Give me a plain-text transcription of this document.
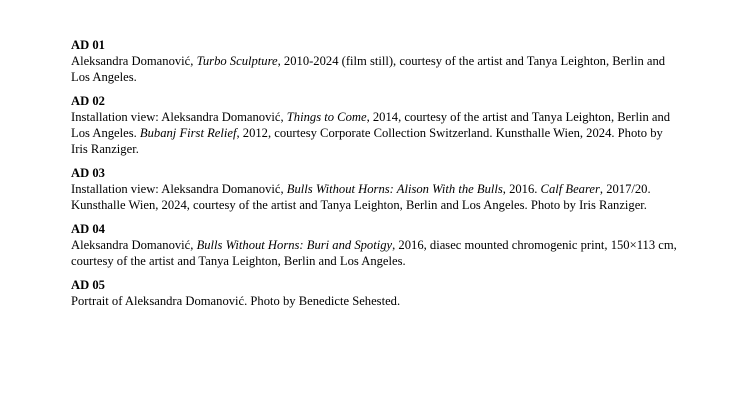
AD 01

Aleksandra Domanović, Turbo Sculpture, 2010-2024 (film still), courtesy of the artist and Tanya Leighton, Berlin and Los Angeles.

AD 02

Installation view: Aleksandra Domanović, Things to Come, 2014, courtesy of the artist and Tanya Leighton, Berlin and Los Angeles. Bubanj First Relief, 2012, courtesy Corporate Collection Switzerland. Kunsthalle Wien, 2024. Photo by Iris Ranziger.

AD 03

Installation view: Aleksandra Domanović, Bulls Without Horns: Alison With the Bulls, 2016. Calf Bearer, 2017/20. Kunsthalle Wien, 2024, courtesy of the artist and Tanya Leighton, Berlin and Los Angeles. Photo by Iris Ranziger.

AD 04

Aleksandra Domanović, Bulls Without Horns: Buri and Spotigy, 2016, diasec mounted chromogenic print, 150×113 cm, courtesy of the artist and Tanya Leighton, Berlin and Los Angeles.

AD 05

Portrait of Aleksandra Domanović. Photo by Benedicte Sehested.
